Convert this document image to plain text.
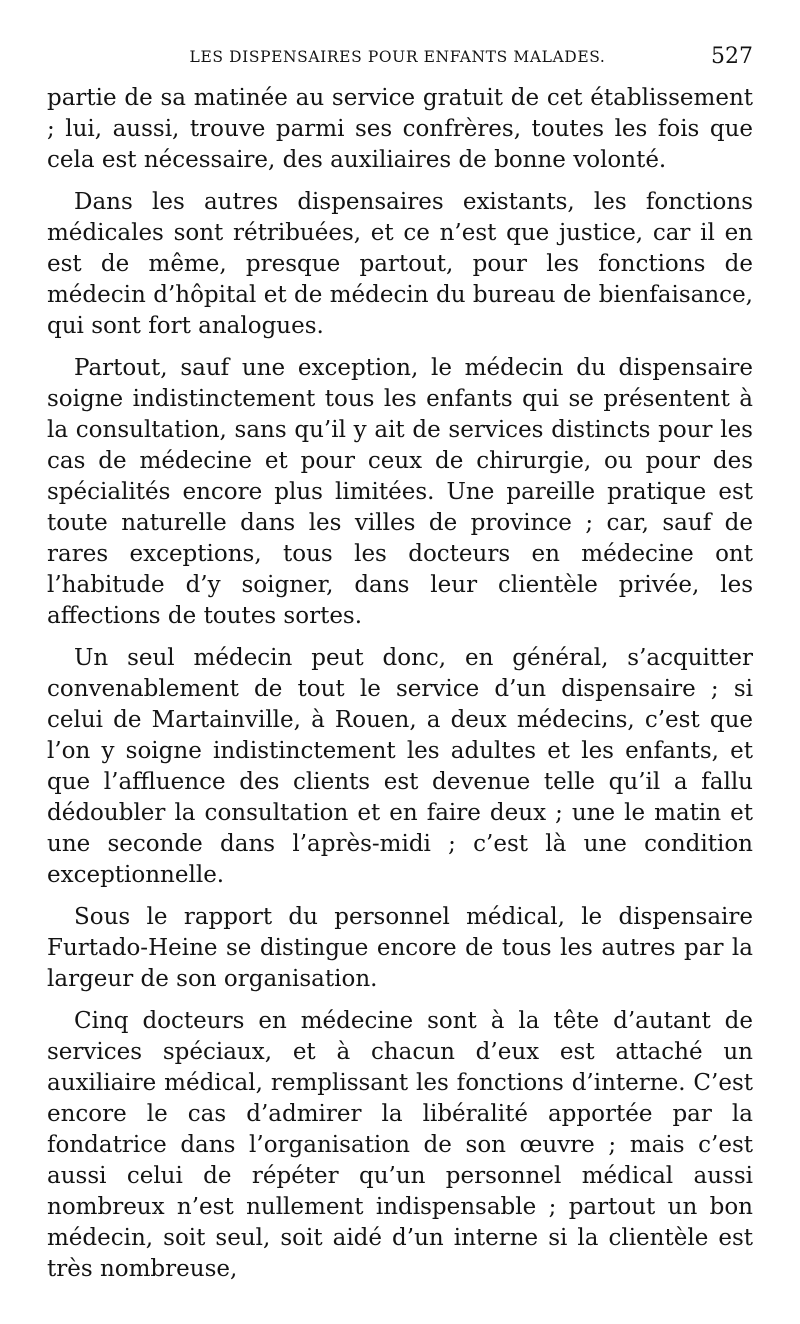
LES DISPENSAIRES POUR ENFANTS MALADES.	527

partie de sa matinée au service gratuit de cet établissement ; lui, aussi, trouve parmi ses confrères, toutes les fois que cela est nécessaire, des auxiliaires de bonne volonté.

Dans les autres dispensaires existants, les fonctions médicales sont rétribuées, et ce n’est que justice, car il en est de même, presque partout, pour les fonctions de médecin d’hôpital et de médecin du bureau de bienfaisance, qui sont fort analogues.

Partout, sauf une exception, le médecin du dispensaire soigne indistinctement tous les enfants qui se présentent à la consultation, sans qu’il y ait de services distincts pour les cas de médecine et pour ceux de chirurgie, ou pour des spécialités encore plus limitées. Une pareille pratique est toute naturelle dans les villes de province ; car, sauf de rares exceptions, tous les docteurs en médecine ont l’habitude d’y soigner, dans leur clientèle privée, les affections de toutes sortes.

Un seul médecin peut donc, en général, s’acquitter convenablement de tout le service d’un dispensaire ; si celui de Martainville, à Rouen, a deux médecins, c’est que l’on y soigne indistinctement les adultes et les enfants, et que l’affluence des clients est devenue telle qu’il a fallu dédoubler la consultation et en faire deux ; une le matin et une seconde dans l’après-midi ; c’est là une condition exceptionnelle.

Sous le rapport du personnel médical, le dispensaire Furtado-Heine se distingue encore de tous les autres par la largeur de son organisation.

Cinq docteurs en médecine sont à la tête d’autant de services spéciaux, et à chacun d’eux est attaché un auxiliaire médical, remplissant les fonctions d’interne. C’est encore le cas d’admirer la libéralité apportée par la fondatrice dans l’organisation de son œuvre ; mais c’est aussi celui de répéter qu’un personnel médical aussi nombreux n’est nullement indispensable ; partout un bon médecin, soit seul, soit aidé d’un interne si la clientèle est très nombreuse,
